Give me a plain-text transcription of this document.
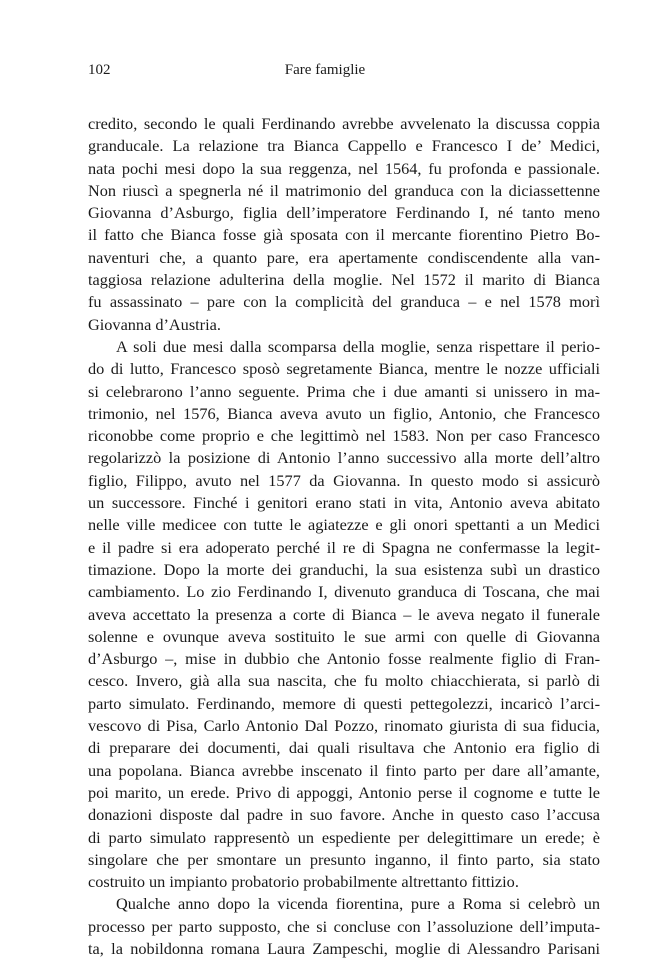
102	Fare famiglie
credito, secondo le quali Ferdinando avrebbe avvelenato la discussa coppia
granducale. La relazione tra Bianca Cappello e Francesco I de’ Medici,
nata pochi mesi dopo la sua reggenza, nel 1564, fu profonda e passionale.
Non riuscì a spegnerla né il matrimonio del granduca con la diciassettenne
Giovanna d’Asburgo, figlia dell’imperatore Ferdinando I, né tanto meno
il fatto che Bianca fosse già sposata con il mercante fiorentino Pietro Bo-
naventuri che, a quanto pare, era apertamente condiscendente alla van-
taggiosa relazione adulterina della moglie. Nel 1572 il marito di Bianca
fu assassinato – pare con la complicità del granduca – e nel 1578 morì
Giovanna d’Austria.
A soli due mesi dalla scomparsa della moglie, senza rispettare il perio-
do di lutto, Francesco sposò segretamente Bianca, mentre le nozze ufficiali
si celebrarono l’anno seguente. Prima che i due amanti si unissero in ma-
trimonio, nel 1576, Bianca aveva avuto un figlio, Antonio, che Francesco
riconobbe come proprio e che legittimò nel 1583. Non per caso Francesco
regolarizzò la posizione di Antonio l’anno successivo alla morte dell’altro
figlio, Filippo, avuto nel 1577 da Giovanna. In questo modo si assicurò
un successore. Finché i genitori erano stati in vita, Antonio aveva abitato
nelle ville medicee con tutte le agiatezze e gli onori spettanti a un Medici
e il padre si era adoperato perché il re di Spagna ne confermasse la legit-
timazione. Dopo la morte dei granduchi, la sua esistenza subì un drastico
cambiamento. Lo zio Ferdinando I, divenuto granduca di Toscana, che mai
aveva accettato la presenza a corte di Bianca – le aveva negato il funerale
solenne e ovunque aveva sostituito le sue armi con quelle di Giovanna
d’Asburgo –, mise in dubbio che Antonio fosse realmente figlio di Fran-
cesco. Invero, già alla sua nascita, che fu molto chiacchierata, si parlò di
parto simulato. Ferdinando, memore di questi pettegolezzi, incaricò l’arci-
vescovo di Pisa, Carlo Antonio Dal Pozzo, rinomato giurista di sua fiducia,
di preparare dei documenti, dai quali risultava che Antonio era figlio di
una popolana. Bianca avrebbe inscenato il finto parto per dare all’amante,
poi marito, un erede. Privo di appoggi, Antonio perse il cognome e tutte le
donazioni disposte dal padre in suo favore. Anche in questo caso l’accusa
di parto simulato rappresentò un espediente per delegittimare un erede; è
singolare che per smontare un presunto inganno, il finto parto, sia stato
costruito un impianto probatorio probabilmente altrettanto fittizio.
Qualche anno dopo la vicenda fiorentina, pure a Roma si celebrò un
processo per parto supposto, che si concluse con l’assoluzione dell’imputa-
ta, la nobildonna romana Laura Zampeschi, moglie di Alessandro Parisani
